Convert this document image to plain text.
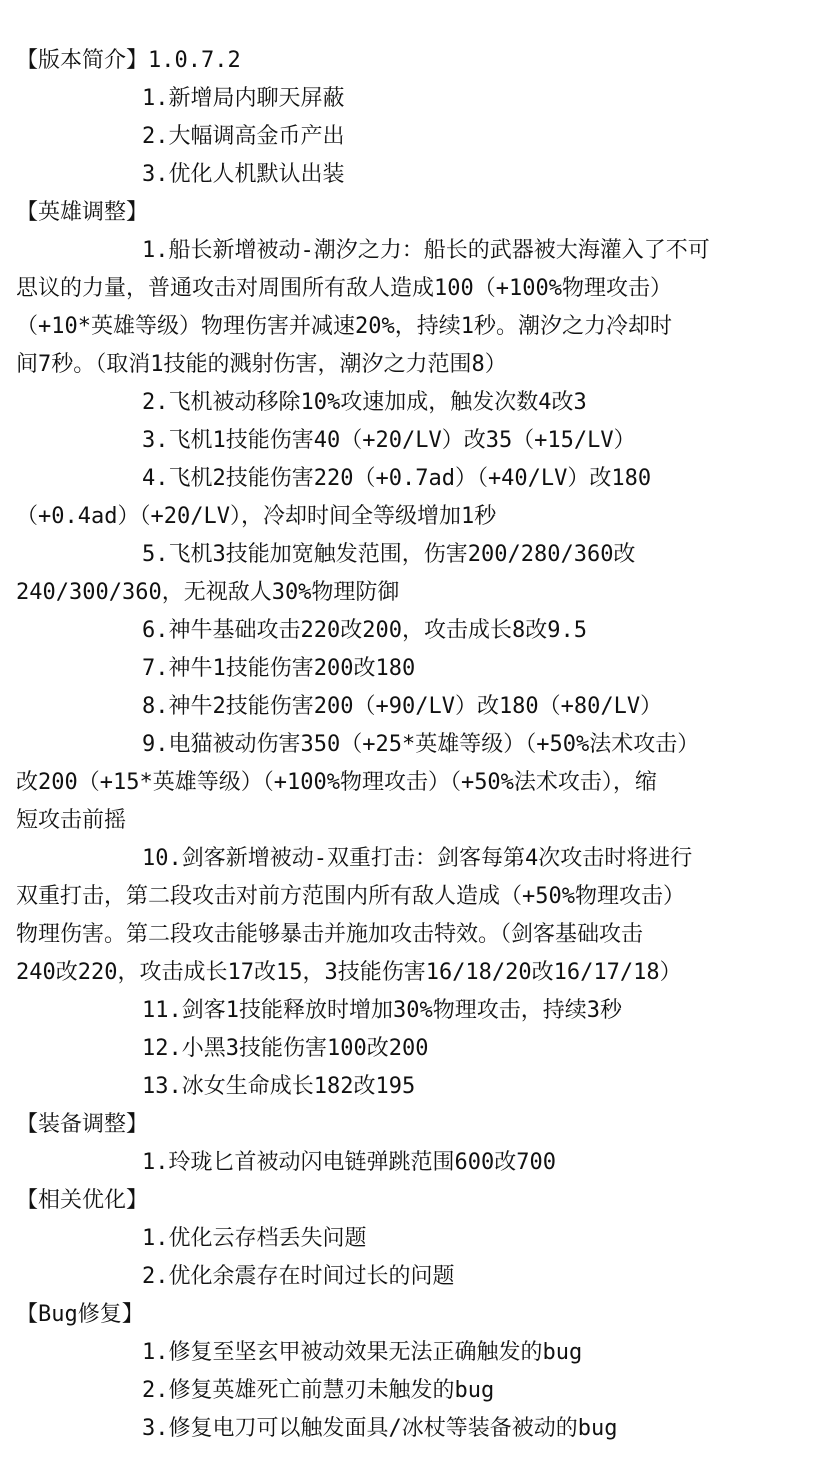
【版本简介】1.0.7.2
1.新增局内聊天屏蔽
2.大幅调高金币产出
3.优化人机默认出装
【英雄调整】
1.船长新增被动-潮汐之力：船长的武器被大海灌入了不可
思议的力量，普通攻击对周围所有敌人造成100（+100%物理攻击）
（+10*英雄等级）物理伤害并减速20%，持续1秒。潮汐之力冷却时
间7秒。（取消1技能的溅射伤害，潮汐之力范围8）
2.飞机被动移除10%攻速加成，触发次数4改3
3.飞机1技能伤害40（+20/LV）改35（+15/LV）
4.飞机2技能伤害220（+0.7ad）（+40/LV）改180
（+0.4ad）（+20/LV），冷却时间全等级增加1秒
5.飞机3技能加宽触发范围，伤害200/280/360改
240/300/360，无视敌人30%物理防御
6.神牛基础攻击220改200，攻击成长8改9.5
7.神牛1技能伤害200改180
8.神牛2技能伤害200（+90/LV）改180（+80/LV）
9.电猫被动伤害350（+25*英雄等级）（+50%法术攻击）
改200（+15*英雄等级）（+100%物理攻击）（+50%法术攻击），缩
短攻击前摇
10.剑客新增被动-双重打击：剑客每第4次攻击时将进行
双重打击，第二段攻击对前方范围内所有敌人造成（+50%物理攻击）
物理伤害。第二段攻击能够暴击并施加攻击特效。（剑客基础攻击
240改220，攻击成长17改15，3技能伤害16/18/20改16/17/18）
11.剑客1技能释放时增加30%物理攻击，持续3秒
12.小黑3技能伤害100改200
13.冰女生命成长182改195
【装备调整】
1.玲珑匕首被动闪电链弹跳范围600改700
【相关优化】
1.优化云存档丢失问题
2.优化余震存在时间过长的问题
【Bug修复】
1.修复至坚玄甲被动效果无法正确触发的bug
2.修复英雄死亡前慧刃未触发的bug
3.修复电刀可以触发面具/冰杖等装备被动的bug
